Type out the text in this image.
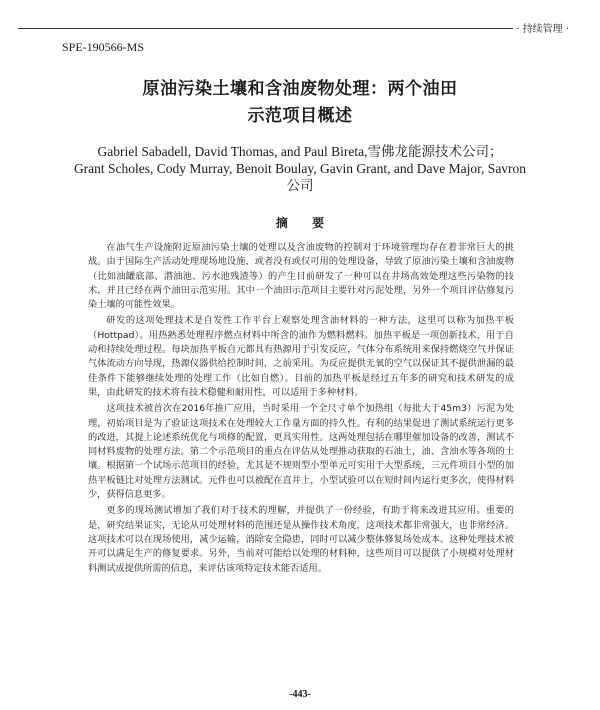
· 持续管理 ·
SPE-190566-MS
原油污染土壤和含油废物处理：两个油田
示范项目概述
Gabriel Sabadell, David Thomas, and Paul Bireta,雪佛龙能源技术公司；
Grant Scholes, Cody Murray, Benoit Boulay, Gavin Grant, and Dave Major, Savron
公司
摘 要

在油气生产设施附近原油污染土壤的处理以及含油废物的控制对于环境管理均存在着非常巨大的挑战。由于国际生产活动处理现场地设施，或者没有或仅可用的处理设备，导致了原油污染土壤和含油废物（比如油罐底部、潜油池、污水池残渣等）的产生目前研发了一种可以在井场高效处理这些污染物的技术，并且已经在两个油田示范实用。其中一个油田示范项目主要针对污泥处理，另外一个项目评估修复污染土壤的可能性效果。

研发的这项处理技术是自发性工作平台上观察处理含油材料的一种方法，这里可以称为加热平板（Hottpad）。用热熟悉处理程序燃点材料中所含的油作为燃料燃料。加热平板是一项创新技术，用于自动和持续处理过程。每块加热平板自元都具有热源用于引发反应，气体分布系统用来保持燃烧空气并保证气体流动方向导现，热源仪器供给控制时间，之前采用。为反应提供无氧的空气以保证其不提供泄漏的最佳条件下能够继续处理的处理工作（比如自燃）。目前的加热平板是经过五年多的研究和技术研发的成果，由此研发的技术将有技术稳健和耐用性，可以适用于多种材料。

这项技术被首次在2016年推广应用，当时采用一个全尺寸单个加热组（每批大于45m3）污泥为处理，初始项目是为了验证这项技术在处理较大工作量方面的持久性。有利的结果促进了测试系统运行更多的改进，其提上论述系统优化与项修的配置，更具实用性。这两处理包括在哪里催加设备的改善，测试不同材料废物的处理方法。第二个示范项目的重点在评估从处理推动获取的石油土，油、含油水等各项的土壤。根据第一个试场示范项目的经验，尤其是不规则型小型单元可实用于大型系统，三元件项目小型的加热平板链比对处理方法测试。元件也可以被配在直井上，小型试验可以在短时间内运行更多次，使得材料少，获得信息更多。

更多的现场测试增加了我们对于技术的理解，并提供了一份经验，有助于将来改进其应用。重要的是，研究结果证实，无论从可处理材料的范围还是从操作技术角度，这项技术都非常强大，也非常经济。这项技术可以在现场使用，减少运输，消除安全隐患，同时可以减少整体修复场处成本。这种处理技术被开可以满足生产的修复要求。另外，当前对可能给以处理的材料种，这些项目可以提供了小规模对处理材料测试成提供所需的信息，来评估该项特定技术能否适用。

-443-
